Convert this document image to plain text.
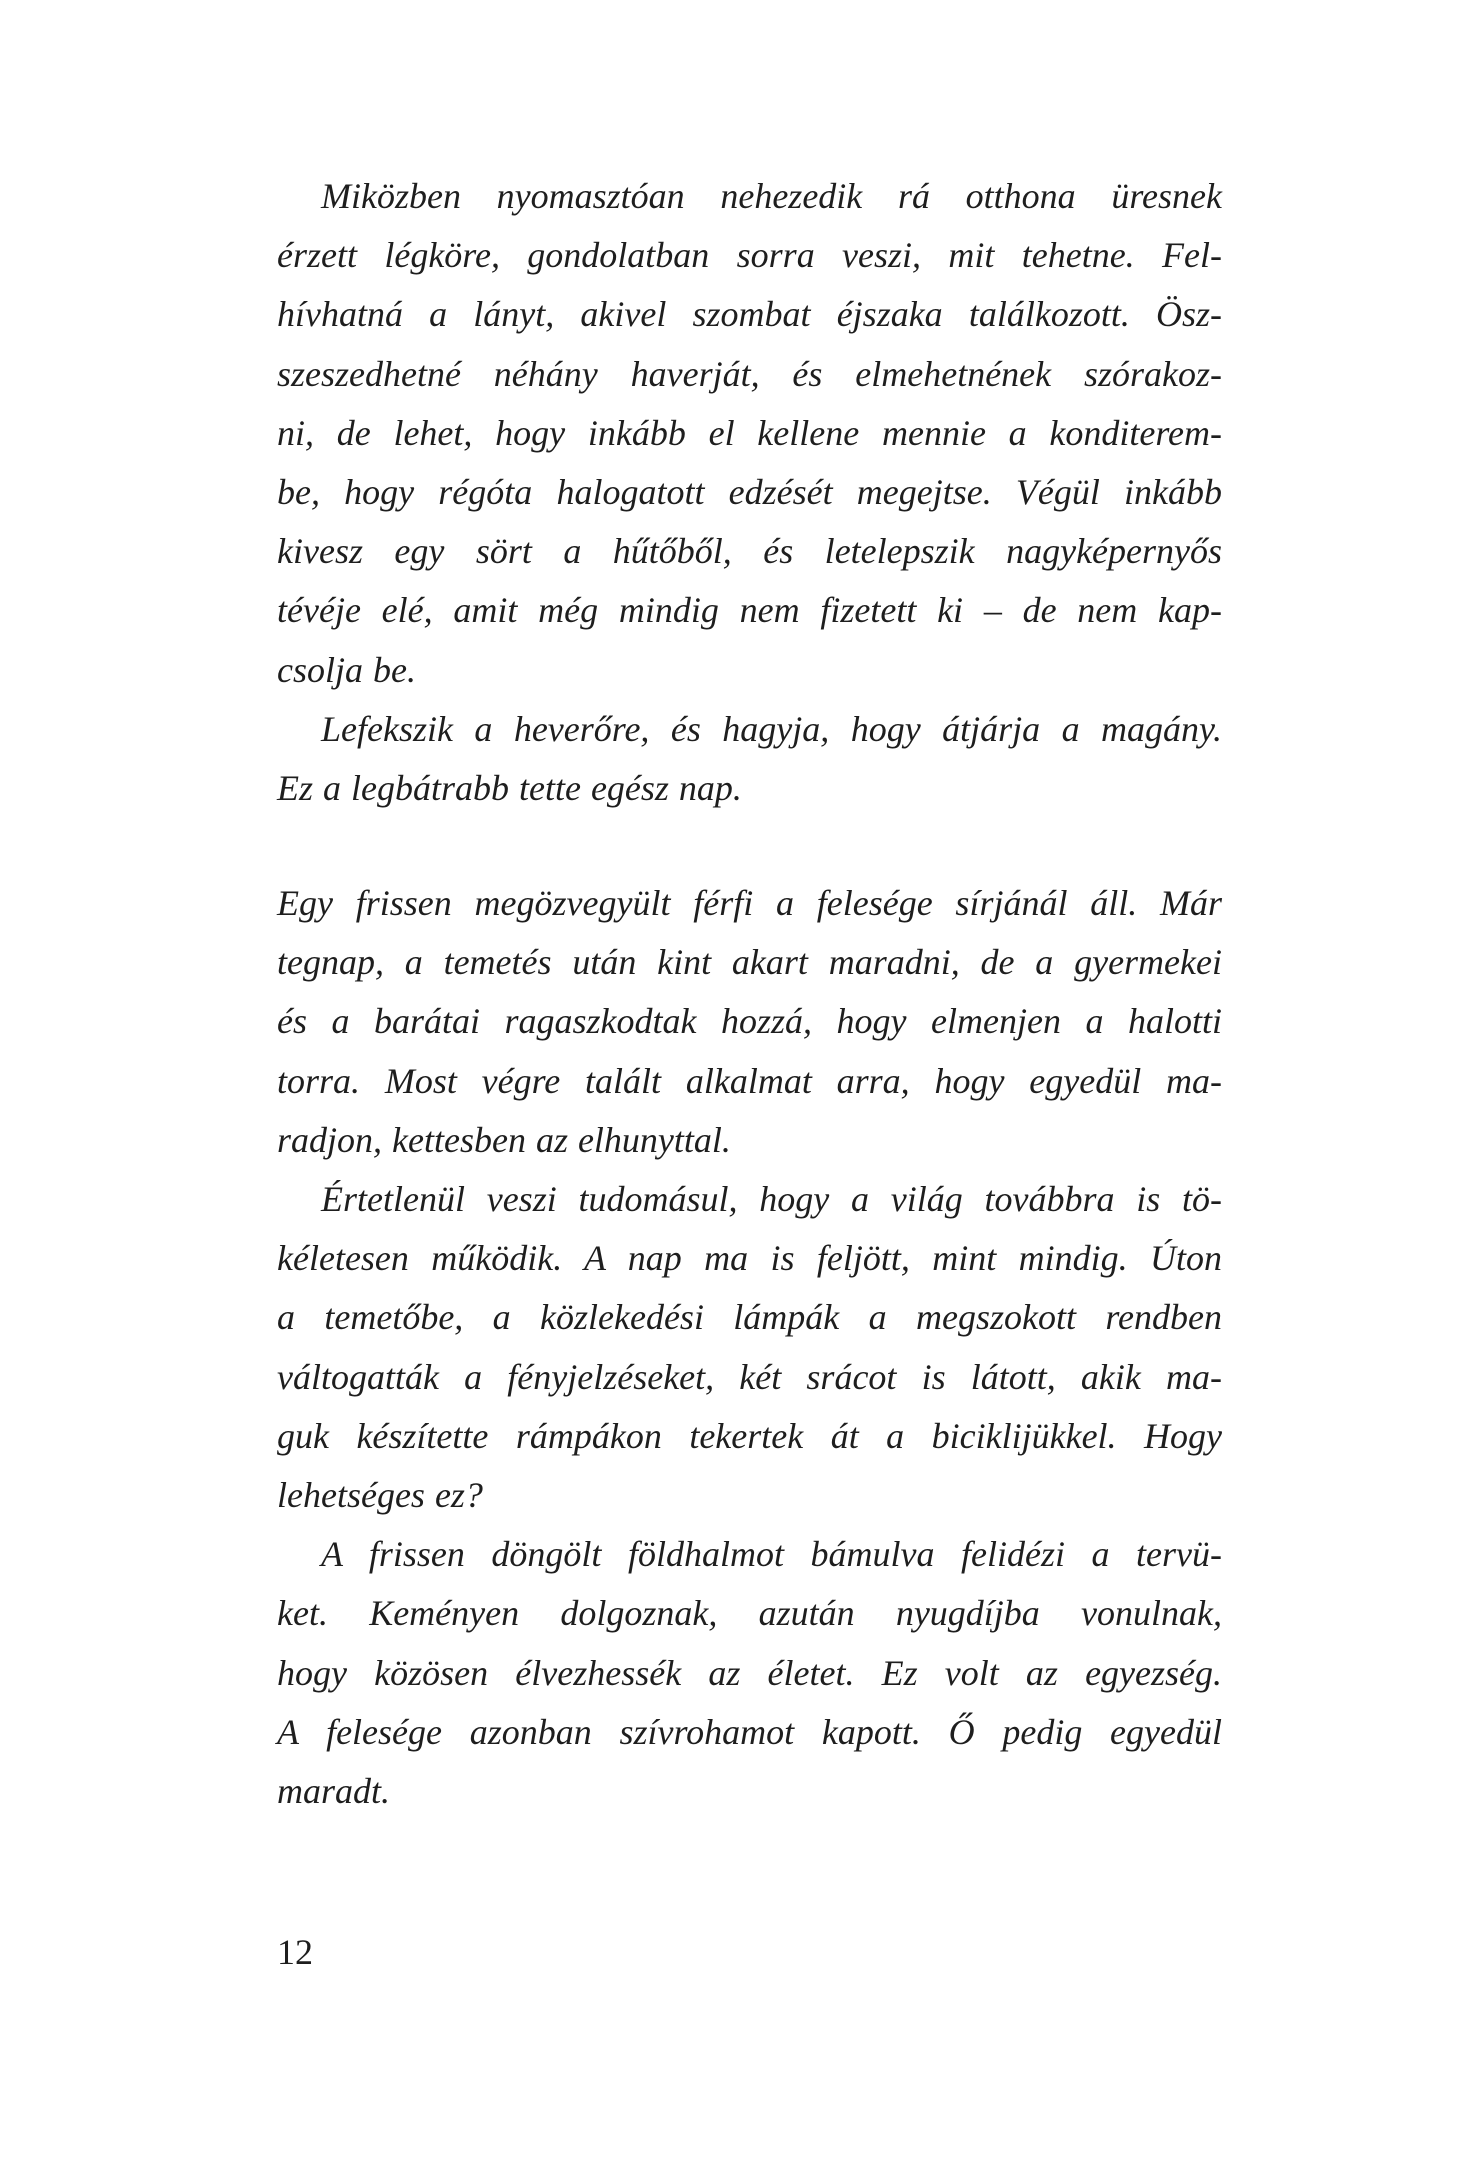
Miközben nyomasztóan nehezedik rá otthona üresnek
érzett légköre, gondolatban sorra veszi, mit tehetne. Fel-
hívhatná a lányt, akivel szombat éjszaka találkozott. Ösz-
szeszedhetné néhány haverját, és elmehetnének szórakoz-
ni, de lehet, hogy inkább el kellene mennie a konditerem-
be, hogy régóta halogatott edzését megejtse. Végül inkább
kivesz egy sört a hűtőből, és letelepszik nagyképernyős
tévéje elé, amit még mindig nem fizetett ki – de nem kap-
csolja be.
Lefekszik a heverőre, és hagyja, hogy átjárja a magány.
Ez a legbátrabb tette egész nap.
Egy frissen megözvegyült férfi a felesége sírjánál áll. Már
tegnap, a temetés után kint akart maradni, de a gyermekei
és a barátai ragaszkodtak hozzá, hogy elmenjen a halotti
torra. Most végre talált alkalmat arra, hogy egyedül ma-
radjon, kettesben az elhunyttal.
Értetlenül veszi tudomásul, hogy a világ továbbra is tö-
kéletesen működik. A nap ma is feljött, mint mindig. Úton
a temetőbe, a közlekedési lámpák a megszokott rendben
váltogatták a fényjelzéseket, két srácot is látott, akik ma-
guk készítette rámpákon tekertek át a biciklijükkel. Hogy
lehetséges ez?
A frissen döngölt földhalmot bámulva felidézi a tervü-
ket. Keményen dolgoznak, azután nyugdíjba vonulnak,
hogy közösen élvezhessék az életet. Ez volt az egyezség.
A felesége azonban szívrohamot kapott. Ő pedig egyedül
maradt.
12
